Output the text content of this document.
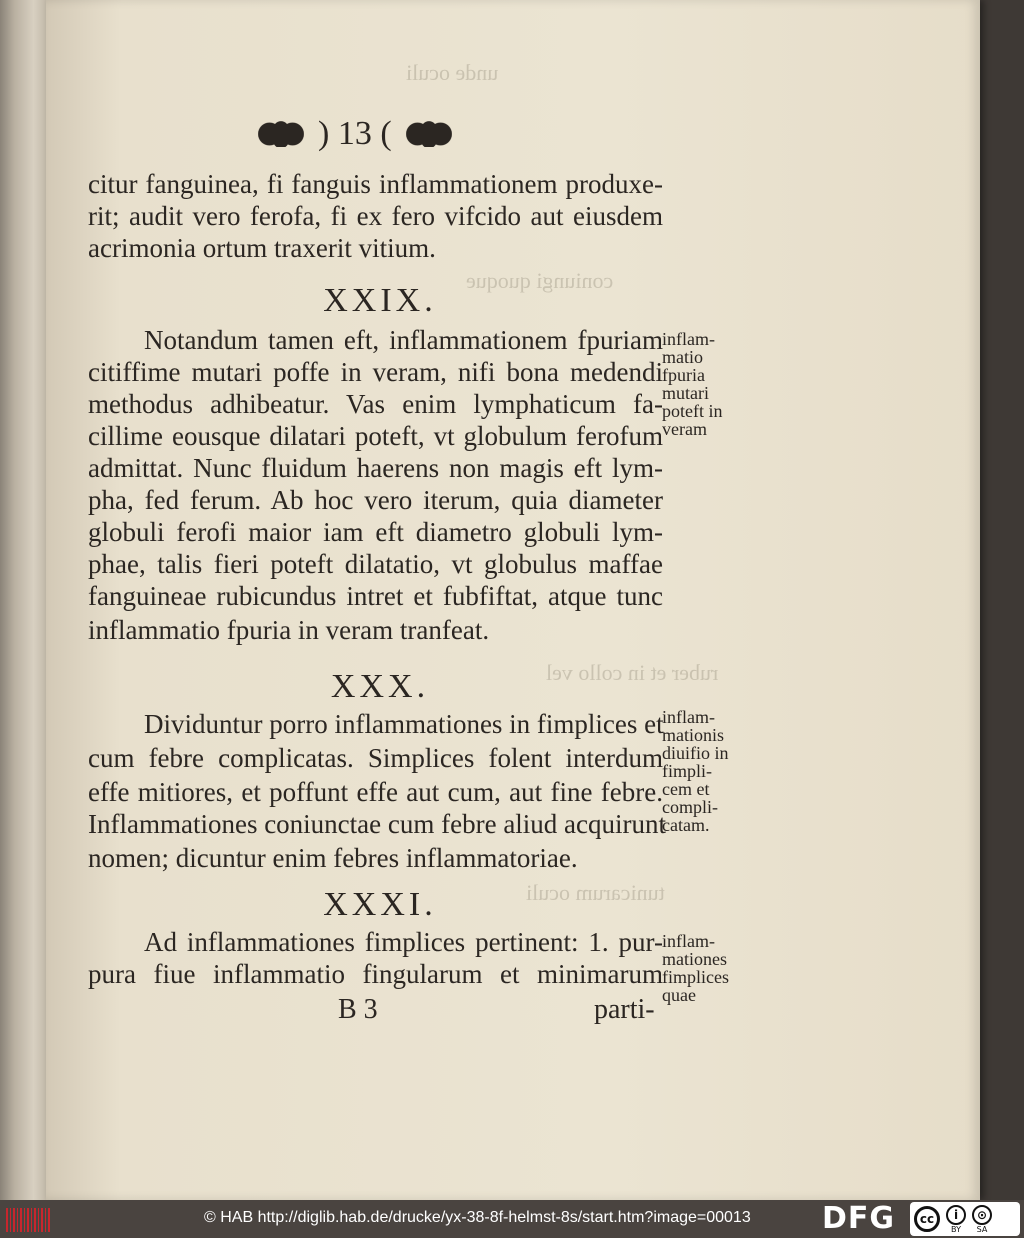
unde oculi
coniungi quoque
ruber et in collo vel
tunicarum oculi
) 13 (
citur fanguinea, fi fanguis inflammationem produxe-
rit; audit vero ferofa, fi ex fero vifcido aut eiusdem
acrimonia ortum traxerit vitium.
XXIX.
Notandum tamen eft, inflammationem fpuriam
citiffime mutari poffe in veram, nifi bona medendi
methodus adhibeatur. Vas enim lymphaticum fa-
cillime eousque dilatari poteft, vt globulum ferofum
admittat. Nunc fluidum haerens non magis eft lym-
pha, fed ferum. Ab hoc vero iterum, quia diameter
globuli ferofi maior iam eft diametro globuli lym-
phae, talis fieri poteft dilatatio, vt globulus maffae
fanguineae rubicundus intret et fubfiftat, atque tunc
inflammatio fpuria in veram tranfeat.
inflam-
matio
fpuria
mutari
poteft in
veram
XXX.
Dividuntur porro inflammationes in fimplices et
cum febre complicatas. Simplices folent interdum
effe mitiores, et poffunt effe aut cum, aut fine febre.
Inflammationes coniunctae cum febre aliud acquirunt
nomen; dicuntur enim febres inflammatoriae.
inflam-
mationis
diuifio in
fimpli-
cem et
compli-
catam.
XXXI.
Ad inflammationes fimplices pertinent: 1. pur-
pura fiue inflammatio fingularum et minimarum
inflam-
mationes
fimplices
quae
B 3	parti-
© HAB http://diglib.hab.de/drucke/yx-38-8f-helmst-8s/start.htm?image=00013 DFG	cc	i
BY
⊙
SA
